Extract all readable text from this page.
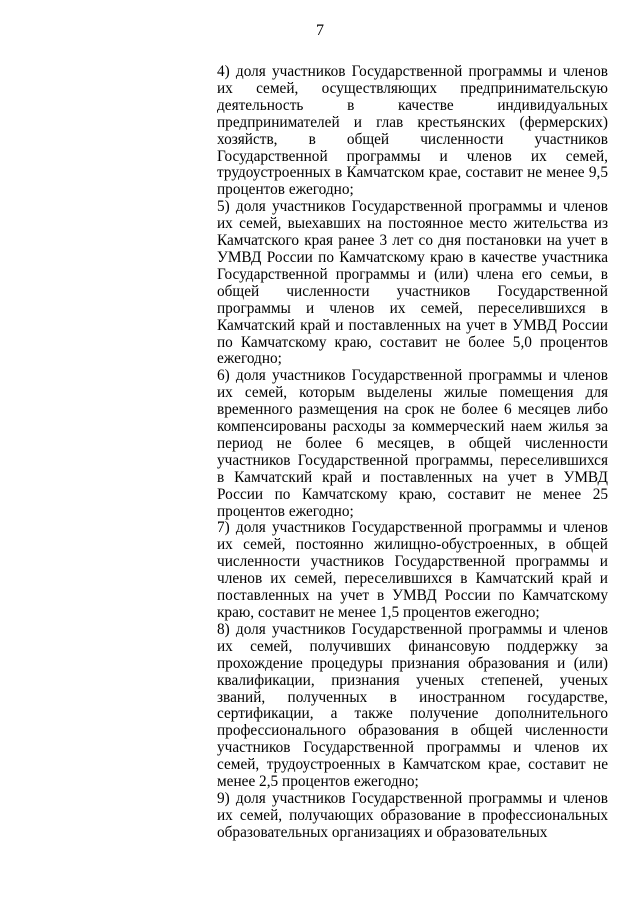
7

4) доля участников Государственной программы и членов их семей, осуществляющих предпринимательскую деятельность в качестве индивидуальных предпринимателей и глав крестьянских (фермерских) хозяйств, в общей численности участников Государственной программы и членов их семей, трудоустроенных в Камчатском крае, составит не менее 9,5 процентов ежегодно;

5) доля участников Государственной программы и членов их семей, выехавших на постоянное место жительства из Камчатского края ранее 3 лет со дня постановки на учет в УМВД России по Камчатскому краю в качестве участника Государственной программы и (или) члена его семьи, в общей численности участников Государственной программы и членов их семей, переселившихся в Камчатский край и поставленных на учет в УМВД России по Камчатскому краю, составит не более 5,0 процентов ежегодно;

6) доля участников Государственной программы и членов их семей, которым выделены жилые помещения для временного размещения на срок не более 6 месяцев либо компенсированы расходы за коммерческий наем жилья за период не более 6 месяцев, в общей численности участников Государственной программы, переселившихся в Камчатский край и поставленных на учет в УМВД России по Камчатскому краю, составит не менее 25 процентов ежегодно;

7) доля участников Государственной программы и членов их семей, постоянно жилищно-обустроенных, в общей численности участников Государственной программы и членов их семей, переселившихся в Камчатский край и поставленных на учет в УМВД России по Камчатскому краю, составит не менее 1,5 процентов ежегодно;

8) доля участников Государственной программы и членов их семей, получивших финансовую поддержку за прохождение процедуры признания образования и (или) квалификации, признания ученых степеней, ученых званий, полученных в иностранном государстве, сертификации, а также получение дополнительного профессионального образования в общей численности участников Государственной программы и членов их семей, трудоустроенных в Камчатском крае, составит не менее 2,5 процентов ежегодно;

9) доля участников Государственной программы и членов их семей, получающих образование в профессиональных образовательных организациях и образовательных
